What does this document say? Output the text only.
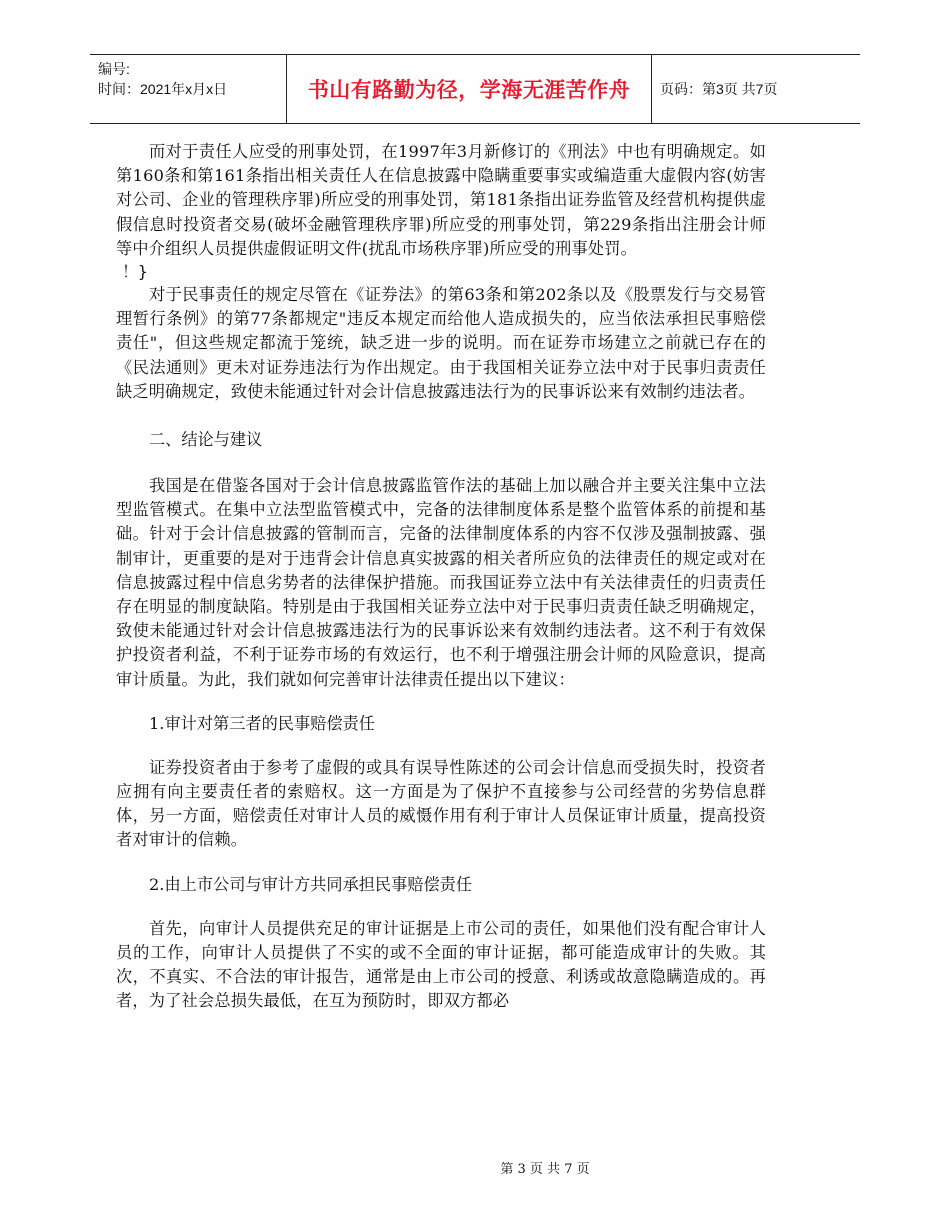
编号:
时间：2021年x月x日	书山有路勤为径，学海无涯苦作舟	页码：第3页 共7页

而对于责任人应受的刑事处罚，在1997年3月新修订的《刑法》中也有明确规定。如第160条和第161条指出相关责任人在信息披露中隐瞒重要事实或编造重大虚假内容(妨害对公司、企业的管理秩序罪)所应受的刑事处罚，第181条指出证券监管及经营机构提供虚假信息时投资者交易(破坏金融管理秩序罪)所应受的刑事处罚，第229条指出注册会计师等中介组织人员提供虚假证明文件(扰乱市场秩序罪)所应受的刑事处罚。

！}

对于民事责任的规定尽管在《证券法》的第63条和第202条以及《股票发行与交易管理暂行条例》的第77条都规定"违反本规定而给他人造成损失的，应当依法承担民事赔偿责任"，但这些规定都流于笼统，缺乏进一步的说明。而在证券市场建立之前就已存在的《民法通则》更未对证券违法行为作出规定。由于我国相关证券立法中对于民事归责责任缺乏明确规定，致使未能通过针对会计信息披露违法行为的民事诉讼来有效制约违法者。

二、结论与建议

我国是在借鉴各国对于会计信息披露监管作法的基础上加以融合并主要关注集中立法型监管模式。在集中立法型监管模式中，完备的法律制度体系是整个监管体系的前提和基础。针对于会计信息披露的管制而言，完备的法律制度体系的内容不仅涉及强制披露、强制审计，更重要的是对于违背会计信息真实披露的相关者所应负的法律责任的规定或对在信息披露过程中信息劣势者的法律保护措施。而我国证券立法中有关法律责任的归责责任存在明显的制度缺陷。特别是由于我国相关证券立法中对于民事归责责任缺乏明确规定，致使未能通过针对会计信息披露违法行为的民事诉讼来有效制约违法者。这不利于有效保护投资者利益，不利于证券市场的有效运行，也不利于增强注册会计师的风险意识，提高审计质量。为此，我们就如何完善审计法律责任提出以下建议：

1.审计对第三者的民事赔偿责任

证券投资者由于参考了虚假的或具有误导性陈述的公司会计信息而受损失时，投资者应拥有向主要责任者的索赔权。这一方面是为了保护不直接参与公司经营的劣势信息群体，另一方面，赔偿责任对审计人员的威慑作用有利于审计人员保证审计质量，提高投资者对审计的信赖。

2.由上市公司与审计方共同承担民事赔偿责任

首先，向审计人员提供充足的审计证据是上市公司的责任，如果他们没有配合审计人员的工作，向审计人员提供了不实的或不全面的审计证据，都可能造成审计的失败。其次，不真实、不合法的审计报告，通常是由上市公司的授意、利诱或故意隐瞒造成的。再者，为了社会总损失最低，在互为预防时，即双方都必

第 3 页 共 7 页
